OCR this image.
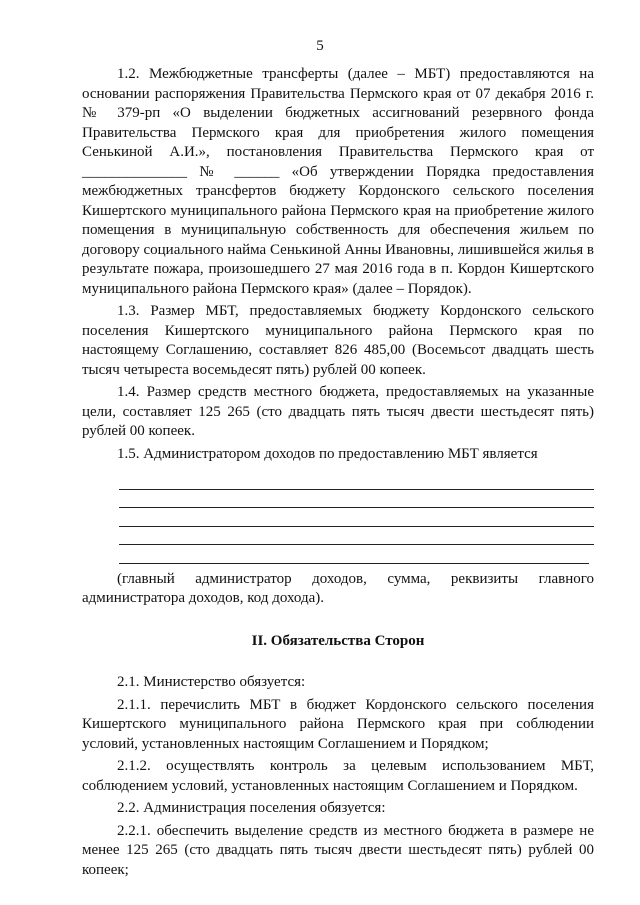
5

1.2. Межбюджетные трансферты (далее – МБТ) предоставляются на основании распоряжения Правительства Пермского края от 07 декабря 2016 г. № 379-рп «О выделении бюджетных ассигнований резервного фонда Правительства Пермского края для приобретения жилого помещения Сенькиной А.И.», постановления Правительства Пермского края от ______________ № ______ «Об утверждении Порядка предоставления межбюджетных трансфертов бюджету Кордонского сельского поселения Кишертского муниципального района Пермского края на приобретение жилого помещения в муниципальную собственность для обеспечения жильем по договору социального найма Сенькиной Анны Ивановны, лишившейся жилья в результате пожара, произошедшего 27 мая 2016 года в п. Кордон Кишертского муниципального района Пермского края» (далее – Порядок).

1.3. Размер МБТ, предоставляемых бюджету Кордонского сельского поселения Кишертского муниципального района Пермского края по настоящему Соглашению, составляет 826 485,00 (Восемьсот двадцать шесть тысяч четыреста восемьдесят пять) рублей 00 копеек.

1.4. Размер средств местного бюджета, предоставляемых на указанные цели, составляет 125 265 (сто двадцать пять тысяч двести шестьдесят пять) рублей 00 копеек.

1.5. Администратором доходов по предоставлению МБТ является

(главный администратор доходов, сумма, реквизиты главного администратора доходов, код дохода).

II. Обязательства Сторон

2.1. Министерство обязуется:

2.1.1. перечислить МБТ в бюджет Кордонского сельского поселения Кишертского муниципального района Пермского края при соблюдении условий, установленных настоящим Соглашением и Порядком;

2.1.2. осуществлять контроль за целевым использованием МБТ, соблюдением условий, установленных настоящим Соглашением и Порядком.

2.2. Администрация поселения обязуется:

2.2.1. обеспечить выделение средств из местного бюджета в размере не менее 125 265 (сто двадцать пять тысяч двести шестьдесят пять) рублей 00 копеек;
